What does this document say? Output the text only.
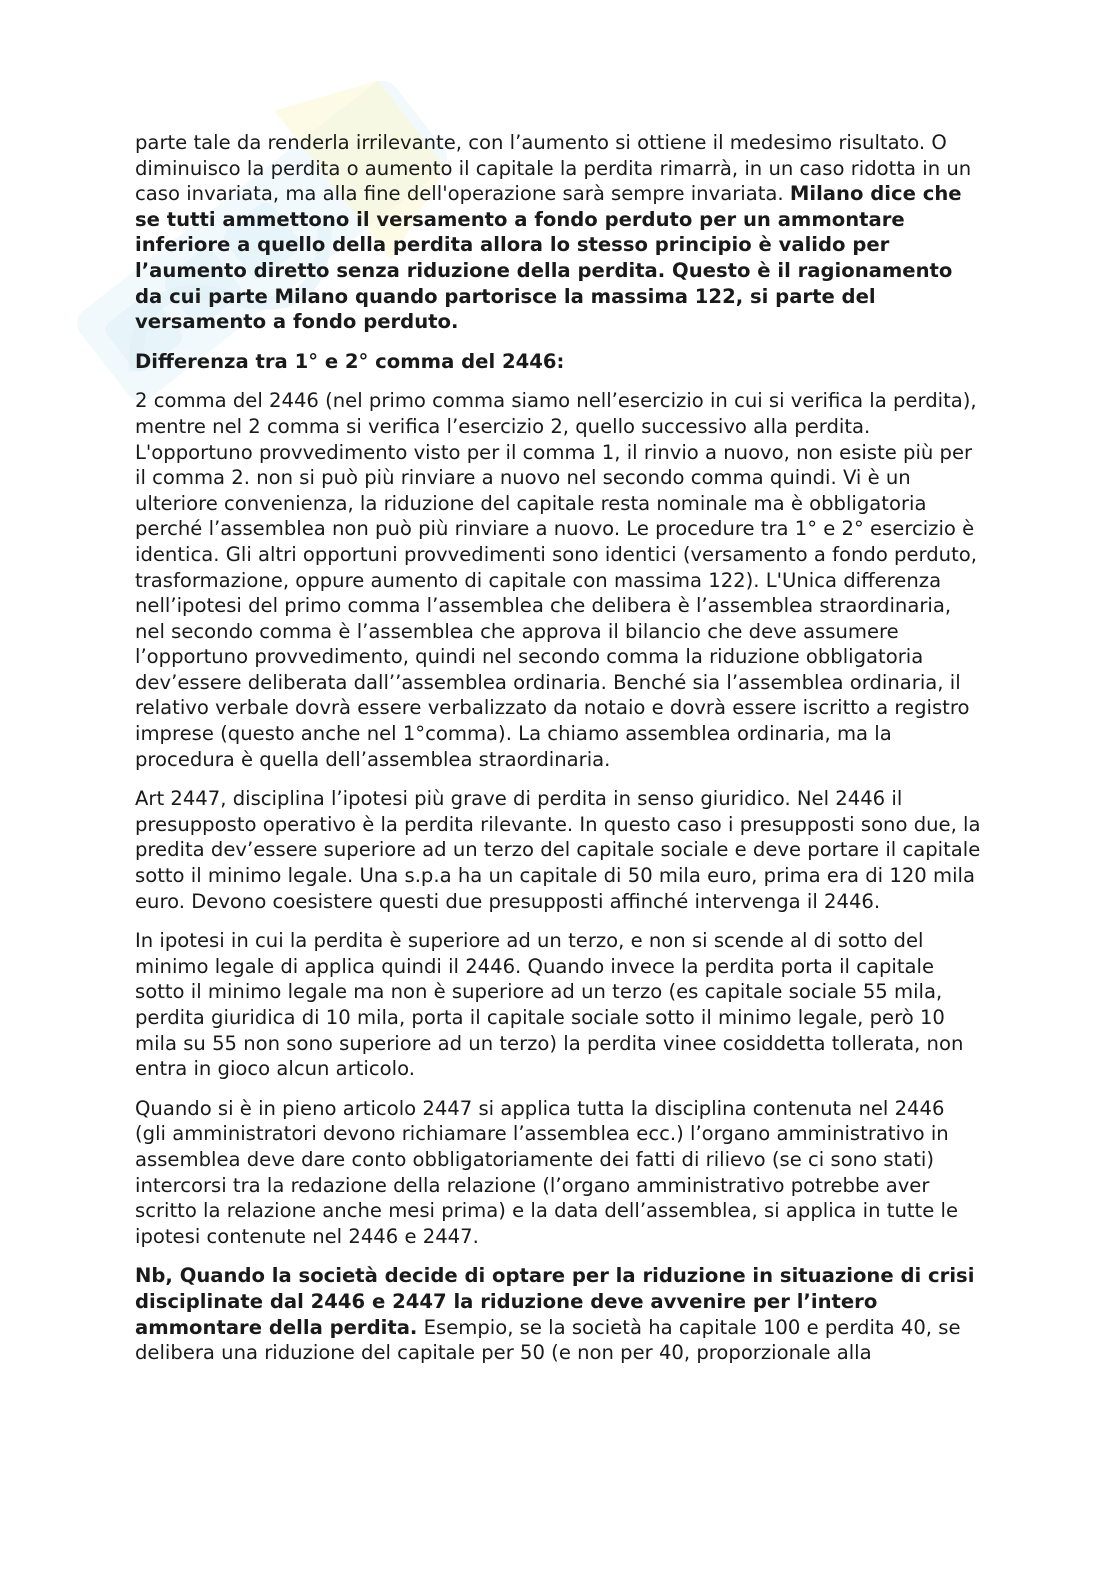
parte tale da renderla irrilevante, con l’aumento si ottiene il medesimo risultato. O diminuisco la perdita o aumento il capitale la perdita rimarrà, in un caso ridotta in un caso invariata, ma alla fine dell'operazione sarà sempre invariata. Milano dice che se tutti ammettono il versamento a fondo perduto per un ammontare inferiore a quello della perdita allora lo stesso principio è valido per l’aumento diretto senza riduzione della perdita. Questo è il ragionamento da cui parte Milano quando partorisce la massima 122, si parte del versamento a fondo perduto.

Differenza tra 1° e 2° comma del 2446:

2 comma del 2446 (nel primo comma siamo nell’esercizio in cui si verifica la perdita), mentre nel 2 comma si verifica l’esercizio 2, quello successivo alla perdita. L'opportuno provvedimento visto per il comma 1, il rinvio a nuovo, non esiste più per il comma 2. non si può più rinviare a nuovo nel secondo comma quindi. Vi è un ulteriore convenienza, la riduzione del capitale resta nominale ma è obbligatoria perché l’assemblea non può più rinviare a nuovo. Le procedure tra 1° e 2° esercizio è identica. Gli altri opportuni provvedimenti sono identici (versamento a fondo perduto, trasformazione, oppure aumento di capitale con massima 122). L'Unica differenza nell’ipotesi del primo comma l’assemblea che delibera è l’assemblea straordinaria, nel secondo comma è l’assemblea che approva il bilancio che deve assumere l’opportuno provvedimento, quindi nel secondo comma la riduzione obbligatoria dev’essere deliberata dall’’assemblea ordinaria. Benché sia l’assemblea ordinaria, il relativo verbale dovrà essere verbalizzato da notaio e dovrà essere iscritto a registro imprese (questo anche nel 1°comma). La chiamo assemblea ordinaria, ma la procedura è quella dell’assemblea straordinaria.

Art 2447, disciplina l’ipotesi più grave di perdita in senso giuridico. Nel 2446 il presupposto operativo è la perdita rilevante. In questo caso i presupposti sono due, la predita dev’essere superiore ad un terzo del capitale sociale e deve portare il capitale sotto il minimo legale. Una s.p.a ha un capitale di 50 mila euro, prima era di 120 mila euro. Devono coesistere questi due presupposti affinché intervenga il 2446.

In ipotesi in cui la perdita è superiore ad un terzo, e non si scende al di sotto del minimo legale di applica quindi il 2446. Quando invece la perdita porta il capitale sotto il minimo legale ma non è superiore ad un terzo (es capitale sociale 55 mila, perdita giuridica di 10 mila, porta il capitale sociale sotto il minimo legale, però 10 mila su 55 non sono superiore ad un terzo) la perdita vinee cosiddetta tollerata, non entra in gioco alcun articolo.

Quando si è in pieno articolo 2447 si applica tutta la disciplina contenuta nel 2446 (gli amministratori devono richiamare l’assemblea ecc.) l’organo amministrativo in assemblea deve dare conto obbligatoriamente dei fatti di rilievo (se ci sono stati) intercorsi tra la redazione della relazione (l’organo amministrativo potrebbe aver scritto la relazione anche mesi prima) e la data dell’assemblea, si applica in tutte le ipotesi contenute nel 2446 e 2447.

Nb, Quando la società decide di optare per la riduzione in situazione di crisi disciplinate dal 2446 e 2447 la riduzione deve avvenire per l’intero ammontare della perdita. Esempio, se la società ha capitale 100 e perdita 40, se delibera una riduzione del capitale per 50 (e non per 40, proporzionale alla
